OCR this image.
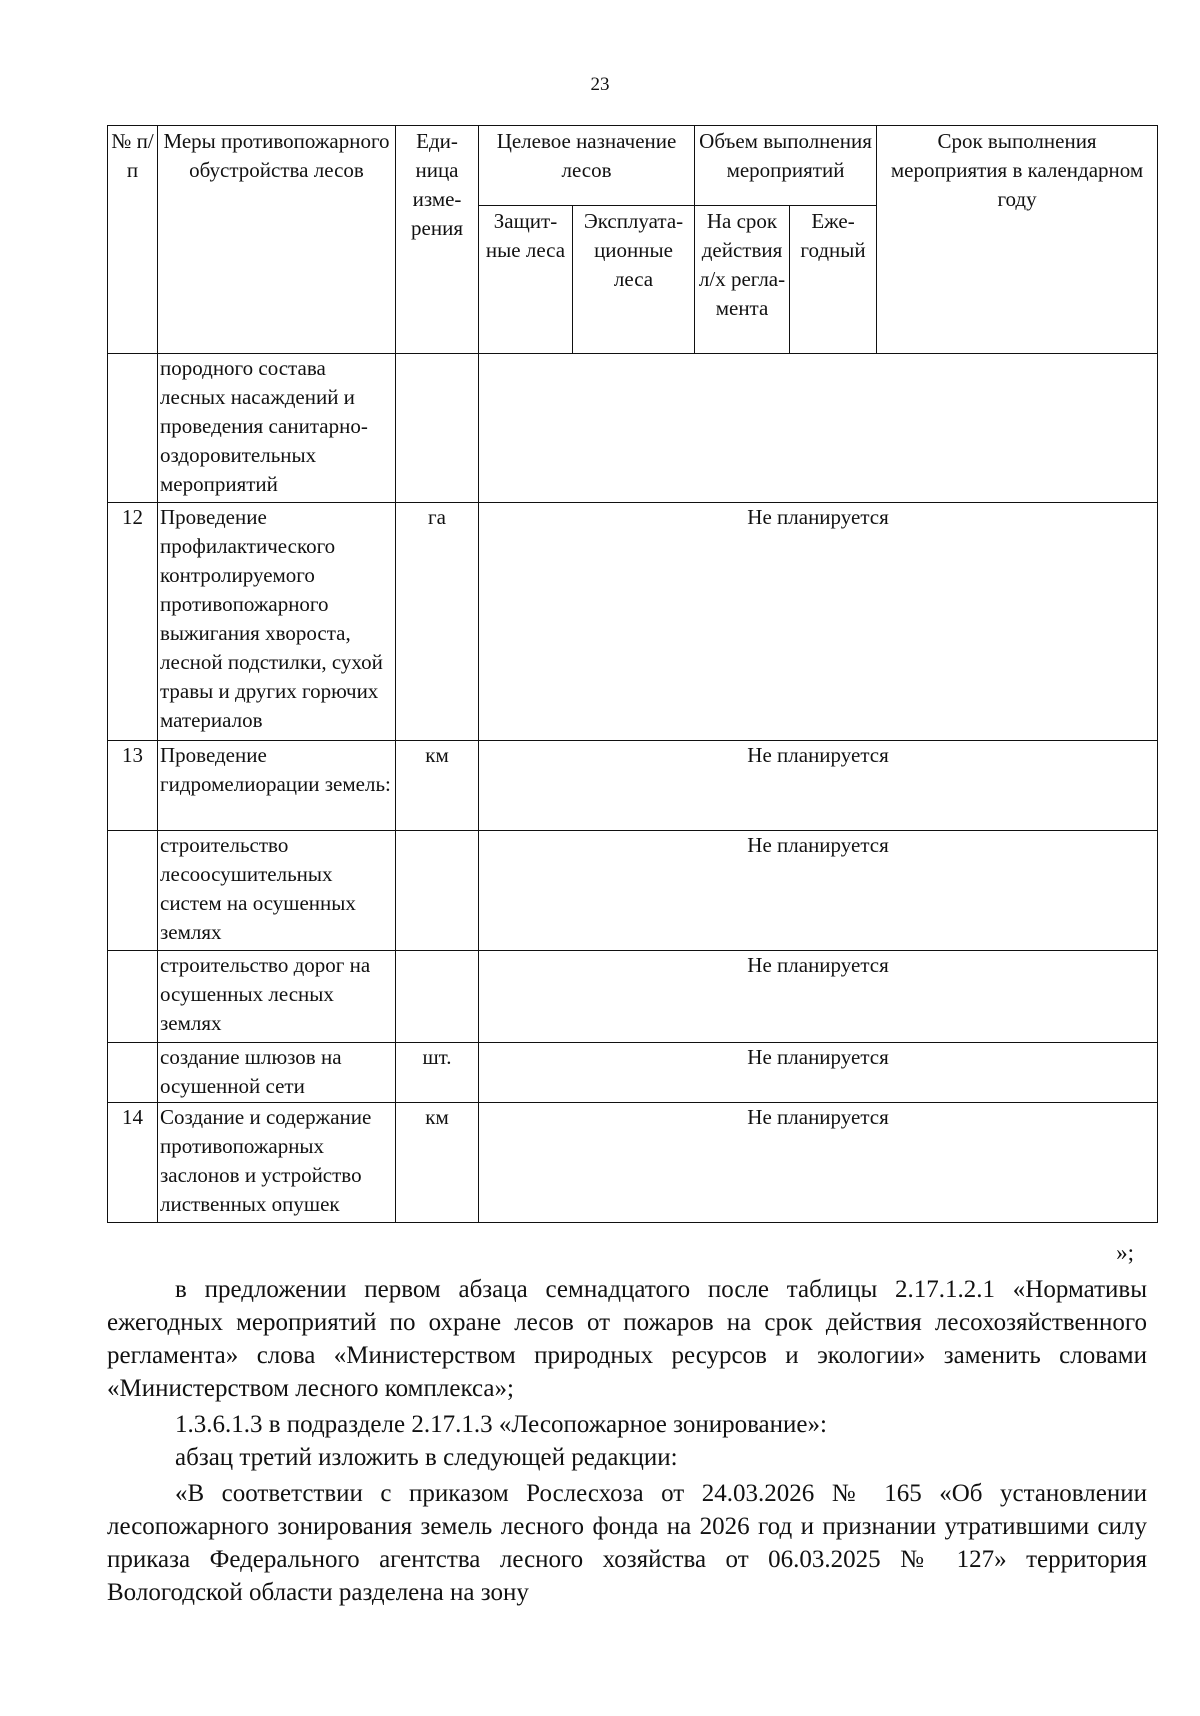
23
№ п/п	Меры противопожарного обустройства лесов	Еди-ница изме-рения	Целевое назначение лесов		Объем выполнения мероприятий		Срок выполнения мероприятия в календарном году
			Защит-ные леса	Эксплуата-ционные леса	На срок действия л/х регла-мента	Еже-годный	
	породного состава лесных насаждений и проведения санитарно-оздоровительных мероприятий						
12	Проведение профилактического контролируемого противопожарного выжигания хвороста, лесной подстилки, сухой травы и других горючих материалов	га	Не планируется				
13	Проведение гидромелиорации земель:	км	Не планируется				
	строительство лесоосушительных систем на осушенных землях		Не планируется				
	строительство дорог на осушенных лесных землях		Не планируется				
	создание шлюзов на осушенной сети	шт.	Не планируется				
14	Создание и содержание противопожарных заслонов и устройство лиственных опушек	км	Не планируется				
»;
в предложении первом абзаца семнадцатого после таблицы 2.17.1.2.1 «Нормативы ежегодных мероприятий по охране лесов от пожаров на срок действия лесохозяйственного регламента» слова «Министерством природных ресурсов и экологии» заменить словами «Министерством лесного комплекса»;
1.3.6.1.3 в подразделе 2.17.1.3 «Лесопожарное зонирование»:
абзац третий изложить в следующей редакции:
«В соответствии с приказом Рослесхоза от 24.03.2026 № 165 «Об установлении лесопожарного зонирования земель лесного фонда на 2026 год и признании утратившими силу приказа Федерального агентства лесного хозяйства от 06.03.2025 № 127» территория Вологодской области разделена на зону
